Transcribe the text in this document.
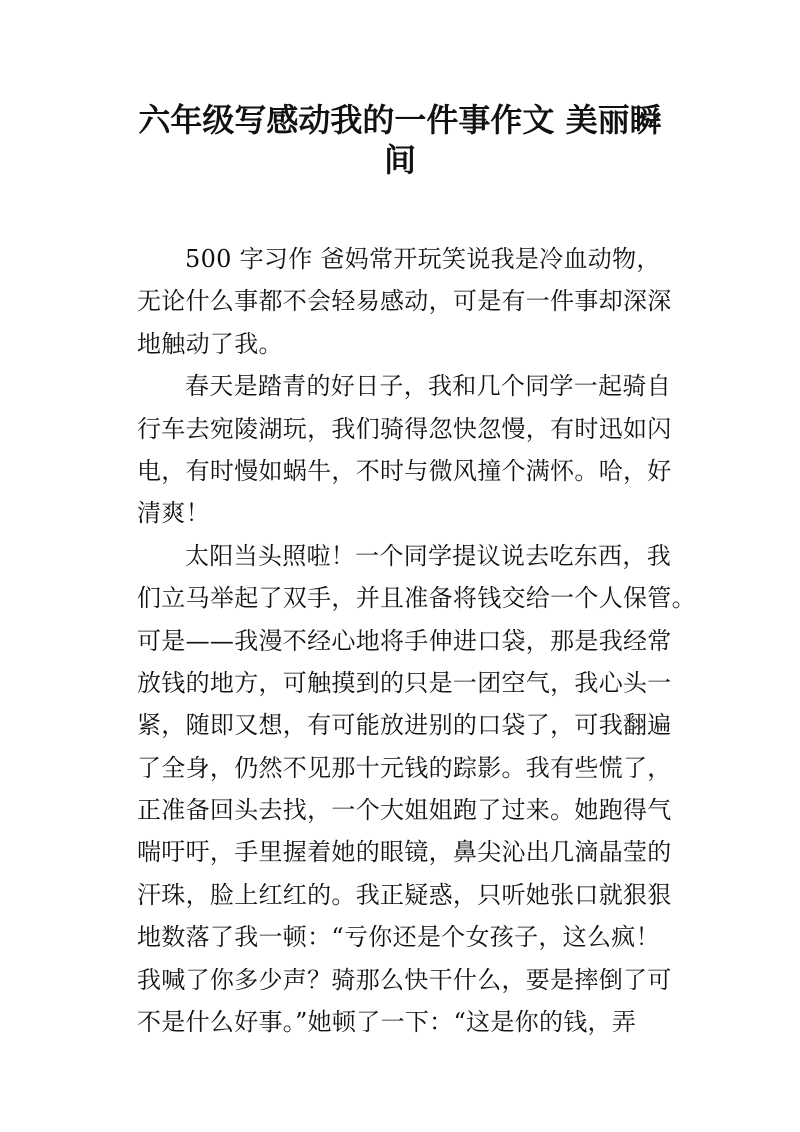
六年级写感动我的一件事作文 美丽瞬
间
500 字习作 爸妈常开玩笑说我是冷血动物，
无论什么事都不会轻易感动，可是有一件事却深深
地触动了我。
春天是踏青的好日子，我和几个同学一起骑自
行车去宛陵湖玩，我们骑得忽快忽慢，有时迅如闪
电，有时慢如蜗牛，不时与微风撞个满怀。哈，好
清爽！
太阳当头照啦！一个同学提议说去吃东西，我
们立马举起了双手，并且准备将钱交给一个人保管。
可是——我漫不经心地将手伸进口袋，那是我经常
放钱的地方，可触摸到的只是一团空气，我心头一
紧，随即又想，有可能放进别的口袋了，可我翻遍
了全身，仍然不见那十元钱的踪影。我有些慌了，
正准备回头去找，一个大姐姐跑了过来。她跑得气
喘吁吁，手里握着她的眼镜，鼻尖沁出几滴晶莹的
汗珠，脸上红红的。我正疑惑，只听她张口就狠狠
地数落了我一顿：“亏你还是个女孩子，这么疯！
我喊了你多少声？骑那么快干什么，要是摔倒了可
不是什么好事。”她顿了一下：“这是你的钱，弄
